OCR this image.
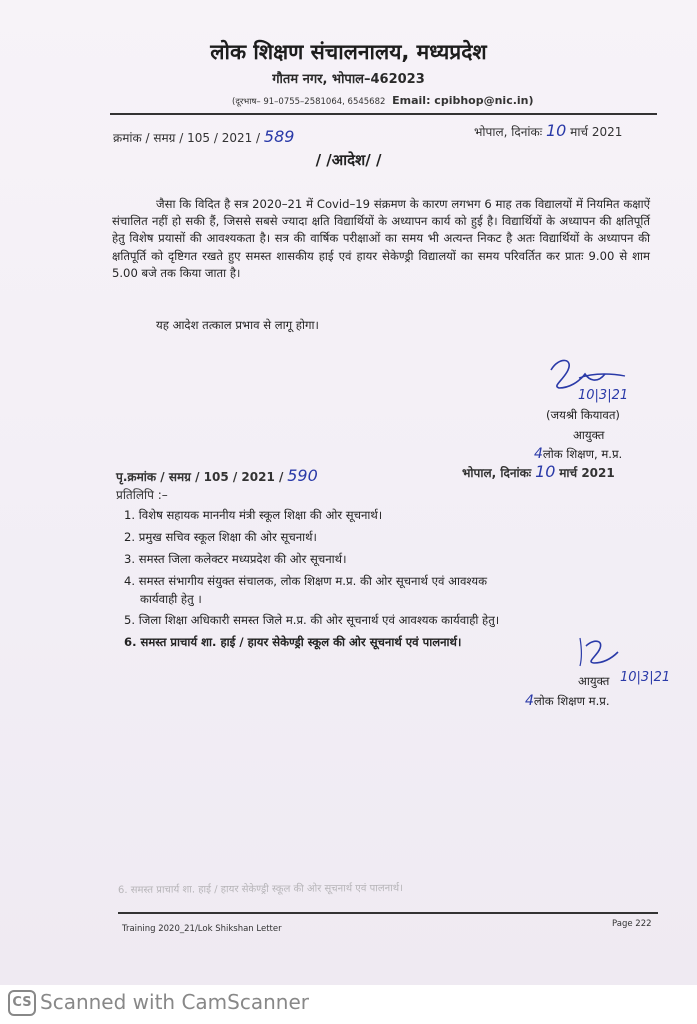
लोक शिक्षण संचालनालय, मध्यप्रदेश
गौतम नगर, भोपाल–462023
(दूरभाष– 91–0755–2581064, 6545682 Email: cpibhop@nic.in)
क्रमांक / समग्र / 105 / 2021 / 589	भोपाल, दिनांकः 10 मार्च 2021
/ /आदेश/ /
जैसा कि विदित है सत्र 2020–21 में Covid–19 संक्रमण के कारण लगभग 6 माह तक विद्यालयों में नियमित कक्षाऐं संचालित नहीं हो सकी हैं, जिससे सबसे ज्यादा क्षति विद्यार्थियों के अध्यापन कार्य को हुई है। विद्यार्थियों के अध्यापन की क्षतिपूर्ति हेतु विशेष प्रयासों की आवश्यकता है। सत्र की वार्षिक परीक्षाओं का समय भी अत्यन्त निकट है अतः विद्यार्थियों के अध्यापन की क्षतिपूर्ति को दृष्टिगत रखते हुए समस्त शासकीय हाई एवं हायर सेकेण्ड्री विद्यालयों का समय परिवर्तित कर प्रातः 9.00 से शाम 5.00 बजे तक किया जाता है।
यह आदेश तत्काल प्रभाव से लागू होगा।
10|3|21
(जयश्री कियावत)
आयुक्त
4लोक शिक्षण, म.प्र.
पृ.क्रमांक / समग्र / 105 / 2021 / 590	भोपाल, दिनांकः 10 मार्च 2021
प्रतिलिपि :–
1. विशेष सहायक माननीय मंत्री स्कूल शिक्षा की ओर सूचनार्थ।
2. प्रमुख सचिव स्कूल शिक्षा की ओर सूचनार्थ।
3. समस्त जिला कलेक्टर मध्यप्रदेश की ओर सूचनार्थ।
4. समस्त संभागीय संयुक्त संचालक, लोक शिक्षण म.प्र. की ओर सूचनार्थ एवं आवश्यक
कार्यवाही हेतु ।
5. जिला शिक्षा अधिकारी समस्त जिले म.प्र. की ओर सूचनार्थ एवं आवश्यक कार्यवाही हेतु।
6. समस्त प्राचार्य शा. हाई / हायर सेकेण्ड्री स्कूल की ओर सूचनार्थ एवं पालनार्थ।
10|3|21
आयुक्त
4लोक शिक्षण म.प्र.
6. समस्त प्राचार्य शा. हाई / हायर सेकेण्ड्री स्कूल की ओर सूचनार्थ एवं पालनार्थ।
Training 2020_21/Lok Shikshan Letter	Page 222
CS Scanned with CamScanner
